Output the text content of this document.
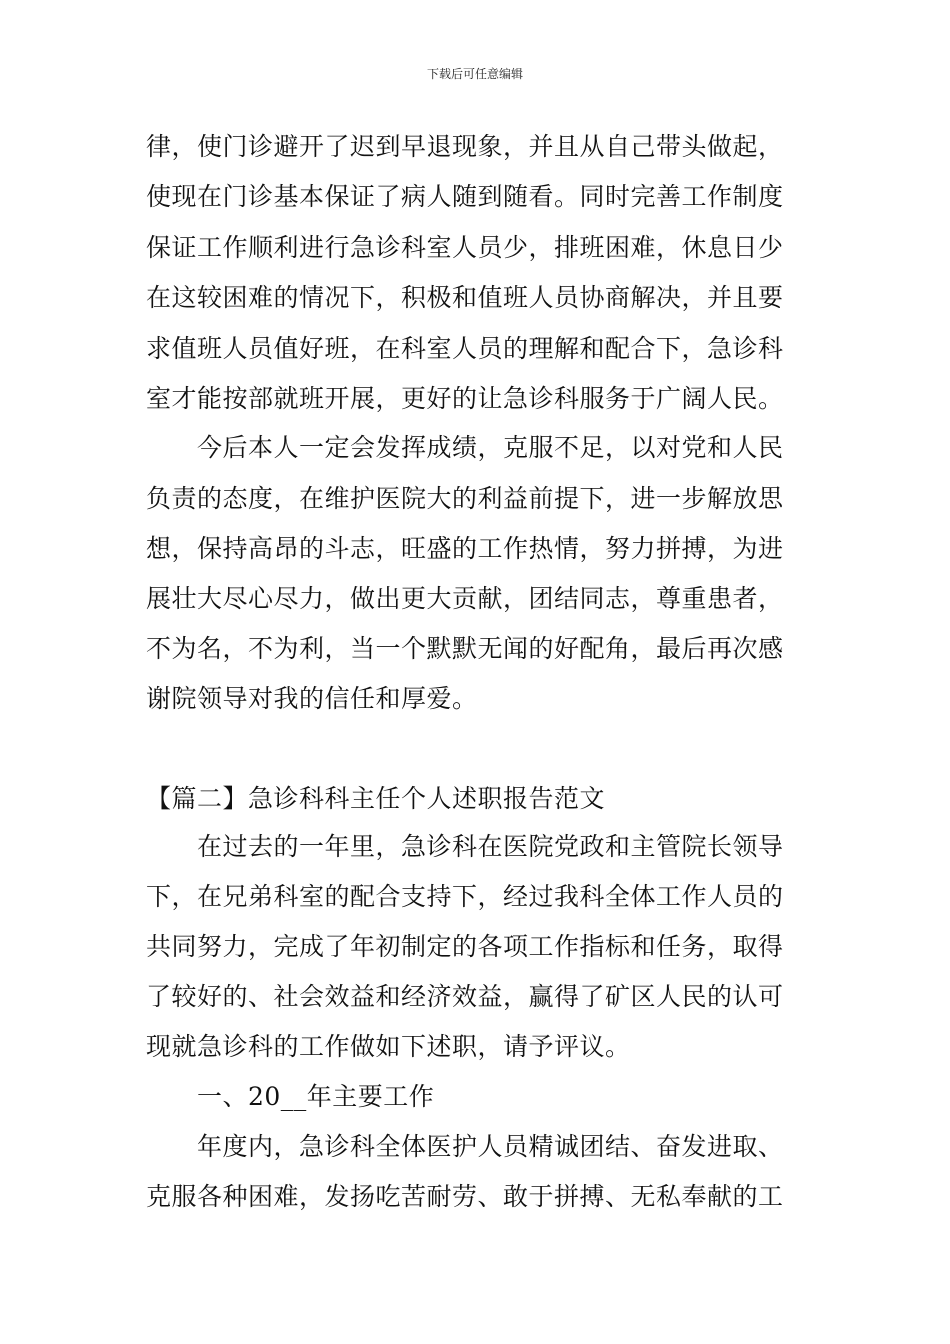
下载后可任意编辑
律，使门诊避开了迟到早退现象，并且从自己带头做起，
使现在门诊基本保证了病人随到随看。同时完善工作制度
保证工作顺利进行急诊科室人员少，排班困难，休息日少
在这较困难的情况下，积极和值班人员协商解决，并且要
求值班人员值好班，在科室人员的理解和配合下，急诊科
室才能按部就班开展，更好的让急诊科服务于广阔人民。
　　今后本人一定会发挥成绩，克服不足，以对党和人民
负责的态度，在维护医院大的利益前提下，进一步解放思
想，保持高昂的斗志，旺盛的工作热情，努力拼搏，为进
展壮大尽心尽力，做出更大贡献，团结同志，尊重患者，
不为名，不为利，当一个默默无闻的好配角，最后再次感
谢院领导对我的信任和厚爱。
【篇二】急诊科科主任个人述职报告范文
　　在过去的一年里，急诊科在医院党政和主管院长领导
下，在兄弟科室的配合支持下，经过我科全体工作人员的
共同努力，完成了年初制定的各项工作指标和任务，取得
了较好的、社会效益和经济效益，赢得了矿区人民的认可
现就急诊科的工作做如下述职，请予评议。
　　一、20__年主要工作
　　年度内，急诊科全体医护人员精诚团结、奋发进取、
克服各种困难，发扬吃苦耐劳、敢于拼搏、无私奉献的工
